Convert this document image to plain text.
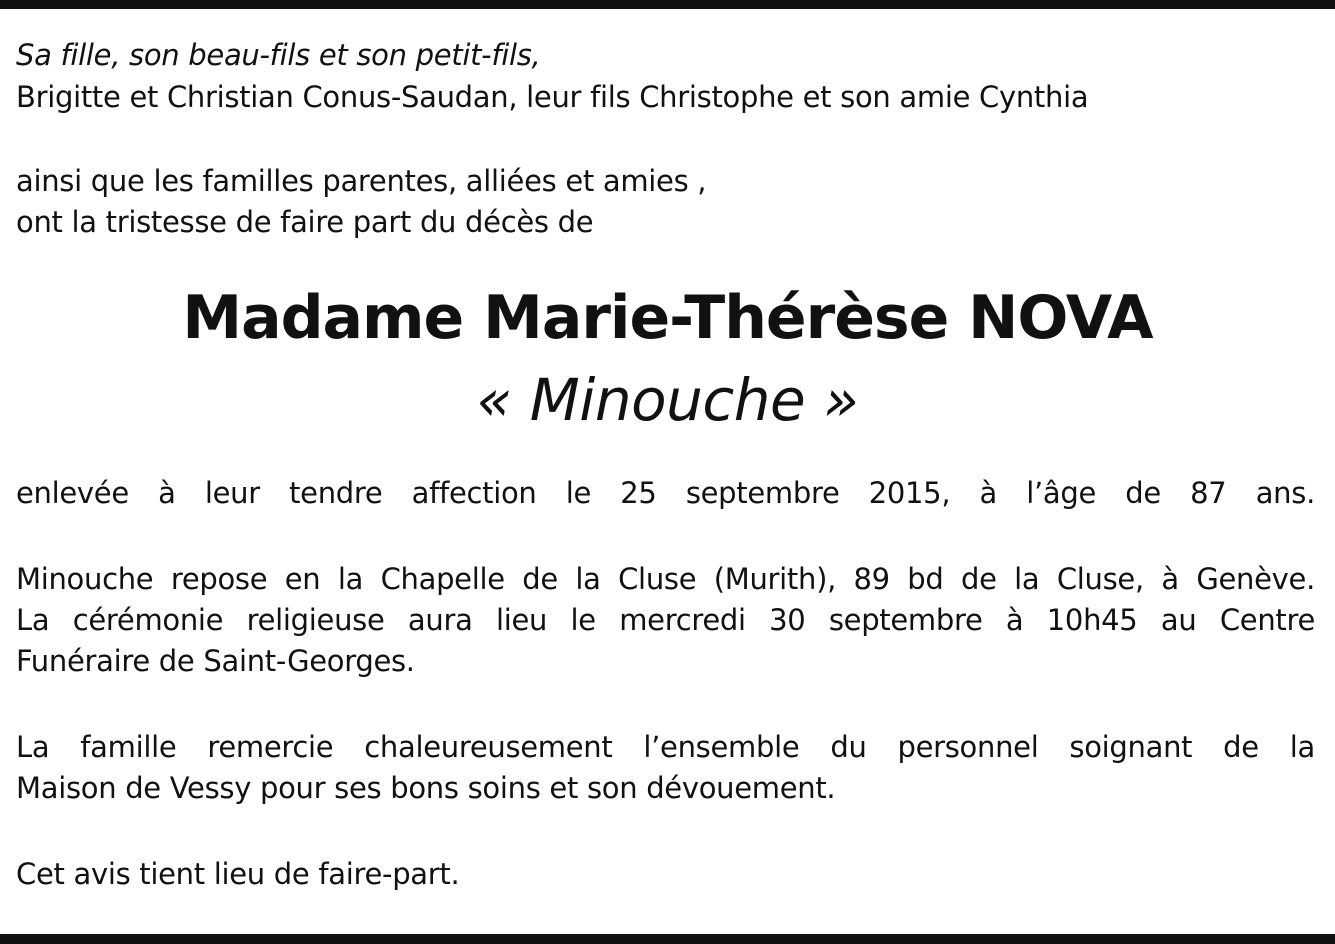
Sa fille, son beau-fils et son petit-fils,
Brigitte et Christian Conus-Saudan, leur fils Christophe et son amie Cynthia
ainsi que les familles parentes, alliées et amies ,
ont la tristesse de faire part du décès de
Madame Marie-Thérèse NOVA
« Minouche »
enlevée à leur tendre affection le 25 septembre 2015, à l’âge de 87 ans.
Minouche repose en la Chapelle de la Cluse (Murith), 89 bd de la Cluse, à Genève.
La cérémonie religieuse aura lieu le mercredi 30 septembre à 10h45 au Centre
Funéraire de Saint-Georges.
La famille remercie chaleureusement l’ensemble du personnel soignant de la
Maison de Vessy pour ses bons soins et son dévouement.
Cet avis tient lieu de faire-part.
